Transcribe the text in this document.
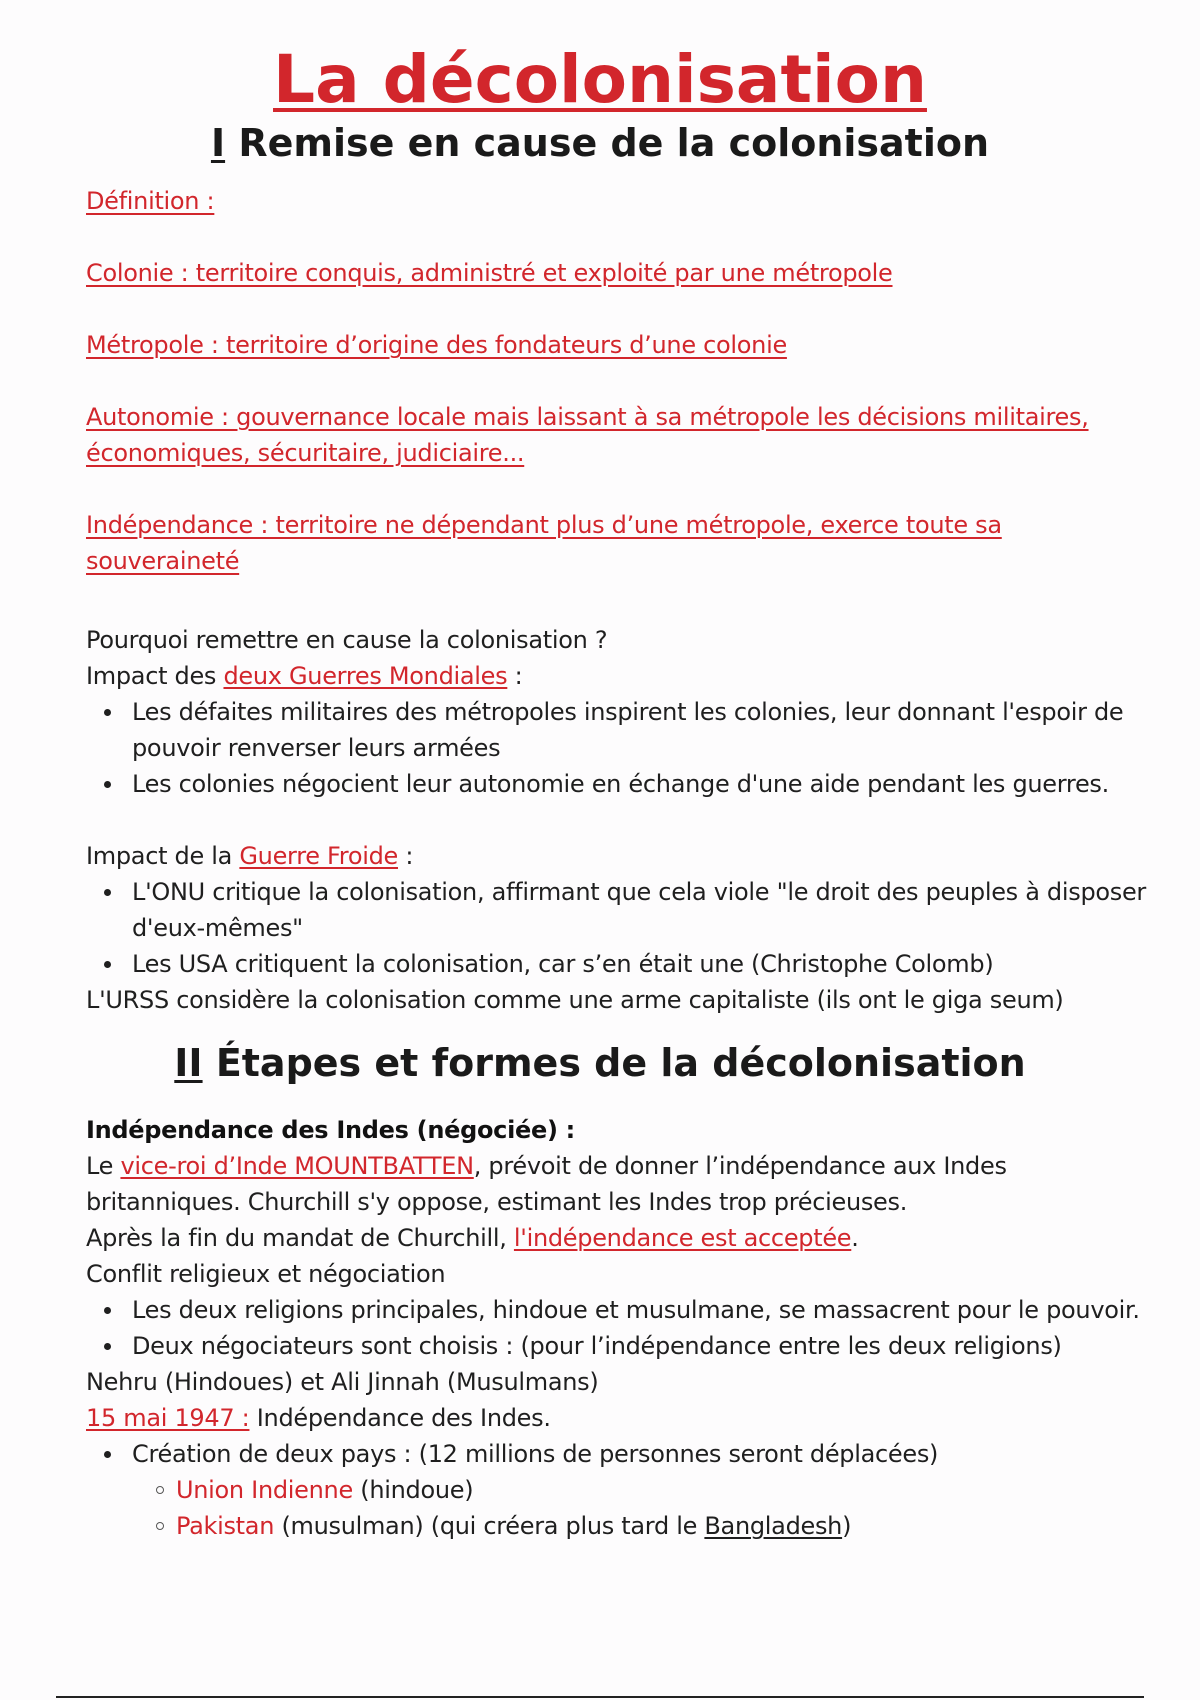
La décolonisation
I Remise en cause de la colonisation

Définition :

Colonie : territoire conquis, administré et exploité par une métropole

Métropole : territoire d’origine des fondateurs d’une colonie

Autonomie : gouvernance locale mais laissant à sa métropole les décisions militaires, économiques, sécuritaire, judiciaire...

Indépendance : territoire ne dépendant plus d’une métropole, exerce toute sa souveraineté

Pourquoi remettre en cause la colonisation ?

Impact des deux Guerres Mondiales :

Les défaites militaires des métropoles inspirent les colonies, leur donnant l'espoir de pouvoir renverser leurs armées
Les colonies négocient leur autonomie en échange d'une aide pendant les guerres.

Impact de la Guerre Froide :

L'ONU critique la colonisation, affirmant que cela viole "le droit des peuples à disposer d'eux-mêmes"
Les USA critiquent la colonisation, car s’en était une (Christophe Colomb)

L'URSS considère la colonisation comme une arme capitaliste (ils ont le giga seum)

II Étapes et formes de la décolonisation

Indépendance des Indes (négociée) :

Le vice-roi d’Inde MOUNTBATTEN, prévoit de donner l’indépendance aux Indes britanniques. Churchill s'y oppose, estimant les Indes trop précieuses.

Après la fin du mandat de Churchill, l'indépendance est acceptée.

Conflit religieux et négociation

Les deux religions principales, hindoue et musulmane, se massacrent pour le pouvoir.
Deux négociateurs sont choisis : (pour l’indépendance entre les deux religions)

Nehru (Hindoues) et Ali Jinnah (Musulmans)

15 mai 1947 : Indépendance des Indes.

Création de deux pays : (12 millions de personnes seront déplacées)
Union Indienne (hindoue)
Pakistan (musulman) (qui créera plus tard le Bangladesh)
